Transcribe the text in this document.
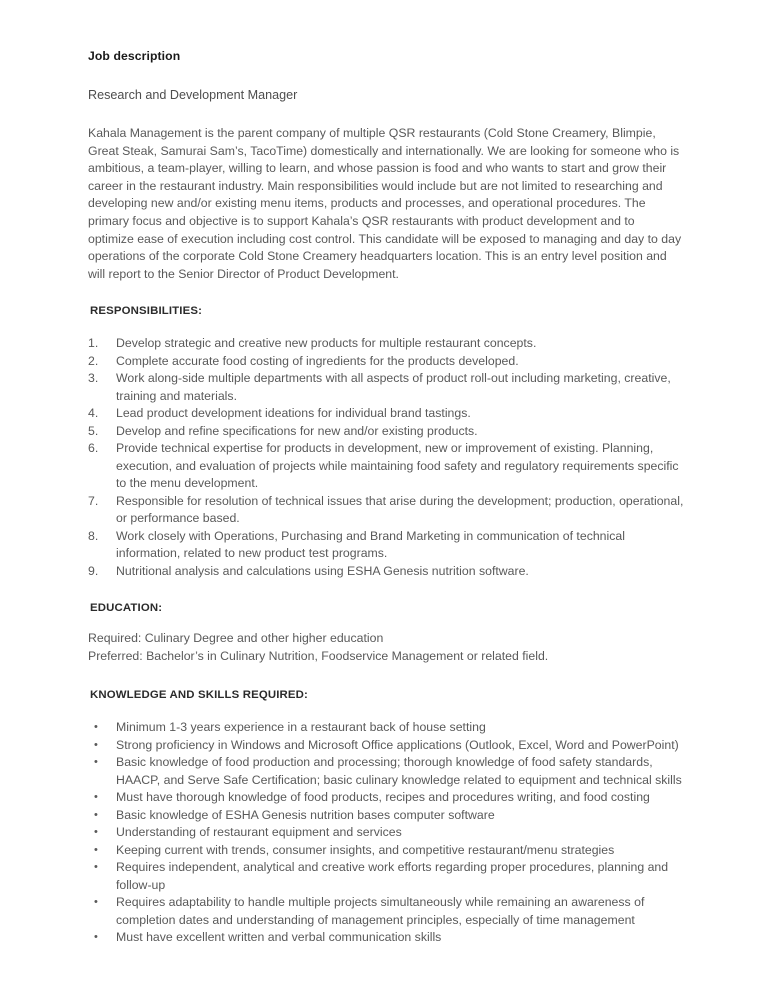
Job description

Research and Development Manager

Kahala Management is the parent company of multiple QSR restaurants (Cold Stone Creamery, Blimpie, Great Steak, Samurai Sam’s, TacoTime) domestically and internationally. We are looking for someone who is ambitious, a team-player, willing to learn, and whose passion is food and who wants to start and grow their career in the restaurant industry. Main responsibilities would include but are not limited to researching and developing new and/or existing menu items, products and processes, and operational procedures. The primary focus and objective is to support Kahala’s QSR restaurants with product development and to optimize ease of execution including cost control. This candidate will be exposed to managing and day to day operations of the corporate Cold Stone Creamery headquarters location. This is an entry level position and will report to the Senior Director of Product Development.

RESPONSIBILITIES:
Develop strategic and creative new products for multiple restaurant concepts.
Complete accurate food costing of ingredients for the products developed.
Work along-side multiple departments with all aspects of product roll-out including marketing, creative, training and materials.
Lead product development ideations for individual brand tastings.
Develop and refine specifications for new and/or existing products.
Provide technical expertise for products in development, new or improvement of existing. Planning, execution, and evaluation of projects while maintaining food safety and regulatory requirements specific to the menu development.
Responsible for resolution of technical issues that arise during the development; production, operational, or performance based.
Work closely with Operations, Purchasing and Brand Marketing in communication of technical information, related to new product test programs.
Nutritional analysis and calculations using ESHA Genesis nutrition software.
EDUCATION:
Required: Culinary Degree and other higher education
Preferred: Bachelor’s in Culinary Nutrition, Foodservice Management or related field.
KNOWLEDGE AND SKILLS REQUIRED:
• Minimum 1-3 years experience in a restaurant back of house setting
• Strong proficiency in Windows and Microsoft Office applications (Outlook, Excel, Word and PowerPoint)
• Basic knowledge of food production and processing; thorough knowledge of food safety standards, HAACP, and Serve Safe Certification; basic culinary knowledge related to equipment and technical skills
• Must have thorough knowledge of food products, recipes and procedures writing, and food costing
• Basic knowledge of ESHA Genesis nutrition bases computer software
• Understanding of restaurant equipment and services
• Keeping current with trends, consumer insights, and competitive restaurant/menu strategies
• Requires independent, analytical and creative work efforts regarding proper procedures, planning and follow-up
• Requires adaptability to handle multiple projects simultaneously while remaining an awareness of completion dates and understanding of management principles, especially of time management
• Must have excellent written and verbal communication skills
